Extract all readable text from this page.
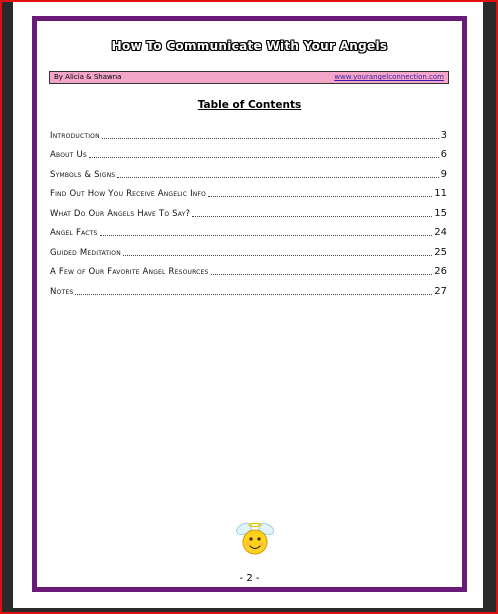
How To Communicate With Your Angels
By Alicia & Shawna	www.yourangelconnection.com
Table of Contents
Introduction	3
About Us	6
Symbols & Signs	9
Find Out How You Receive Angelic Info	11
What Do Our Angels Have To Say?	15
Angel Facts	24
Guided Meditation	25
A Few of Our Favorite Angel Resources	26
Notes	27
- 2 -
